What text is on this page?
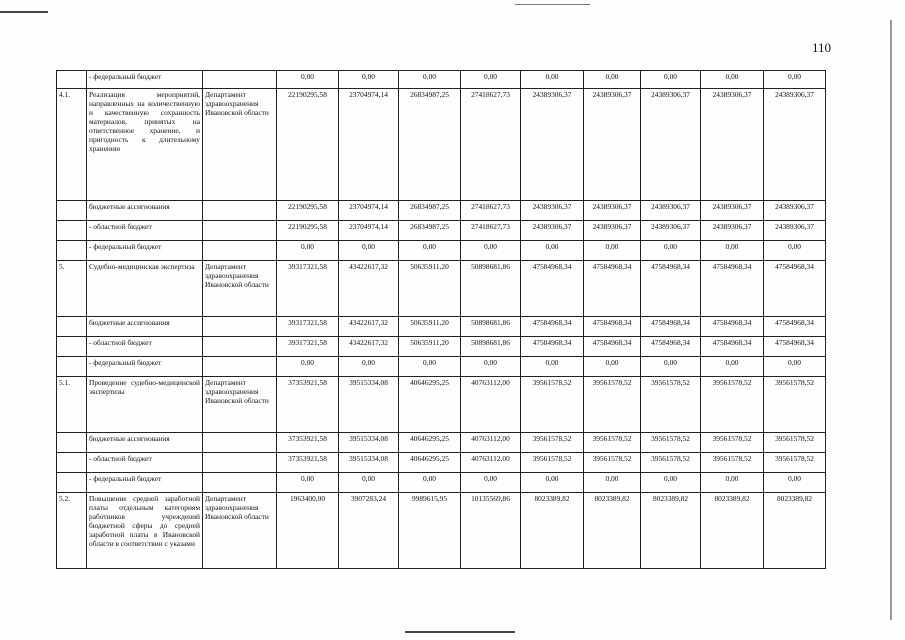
110
	- федеральный бюджет		0,00	0,00	0,00	0,00	0,00	0,00	0,00	0,00	0,00
4.1.	Реализация мероприятий, направленных на количественную и качественную сохранность материалов, принятых на ответственное хранение, и пригодность к длительному хранению	Департамент здравоохранения Ивановской области	22190295,58	23704974,14	26834987,25	27418627,73	24389306,37	24389306,37	24389306,37	24389306,37	24389306,37
	бюджетные ассигнования		22190295,58	23704974,14	26834987,25	27418627,73	24389306,37	24389306,37	24389306,37	24389306,37	24389306,37
	- областной бюджет		22190295,58	23704974,14	26834987,25	27418627,73	24389306,37	24389306,37	24389306,37	24389306,37	24389306,37
	- федеральный бюджет		0,00	0,00	0,00	0,00	0,00	0,00	0,00	0,00	0,00
5.	Судебно-медицинская экспертиза	Департамент здравоохранения Ивановской области	39317321,58	43422617,32	50635911,20	50898681,86	47584968,34	47584968,34	47584968,34	47584968,34	47584968,34
	бюджетные ассигнования		39317321,58	43422617,32	50635911,20	50898681,86	47584968,34	47584968,34	47584968,34	47584968,34	47584968,34
	- областной бюджет		39317321,58	43422617,32	50635911,20	50898681,86	47584968,34	47584968,34	47584968,34	47584968,34	47584968,34
	- федеральный бюджет		0,00	0,00	0,00	0,00	0,00	0,00	0,00	0,00	0,00
5.1.	Проведение судебно-медицинской экспертизы	Департамент здравоохранения Ивановской области	37353921,58	39515334,08	40646295,25	40763112,00	39561578,52	39561578,52	39561578,52	39561578,52	39561578,52
	бюджетные ассигнования		37353921,58	39515334,08	40646295,25	40763112,00	39561578,52	39561578,52	39561578,52	39561578,52	39561578,52
	- областной бюджет		37353921,58	39515334,08	40646295,25	40763112,00	39561578,52	39561578,52	39561578,52	39561578,52	39561578,52
	- федеральный бюджет		0,00	0,00	0,00	0,00	0,00	0,00	0,00	0,00	0,00
5.2.	Повышение средней заработной платы отдельным категориям работников учреждений бюджетной сферы до средней заработной платы в Ивановской области в соответствии с указами	Департамент здравоохранения Ивановской области	1963400,00	3907283,24	9989615,95	10135569,86	8023389,82	8023389,82	8023389,82	8023389,82	8023389,82
